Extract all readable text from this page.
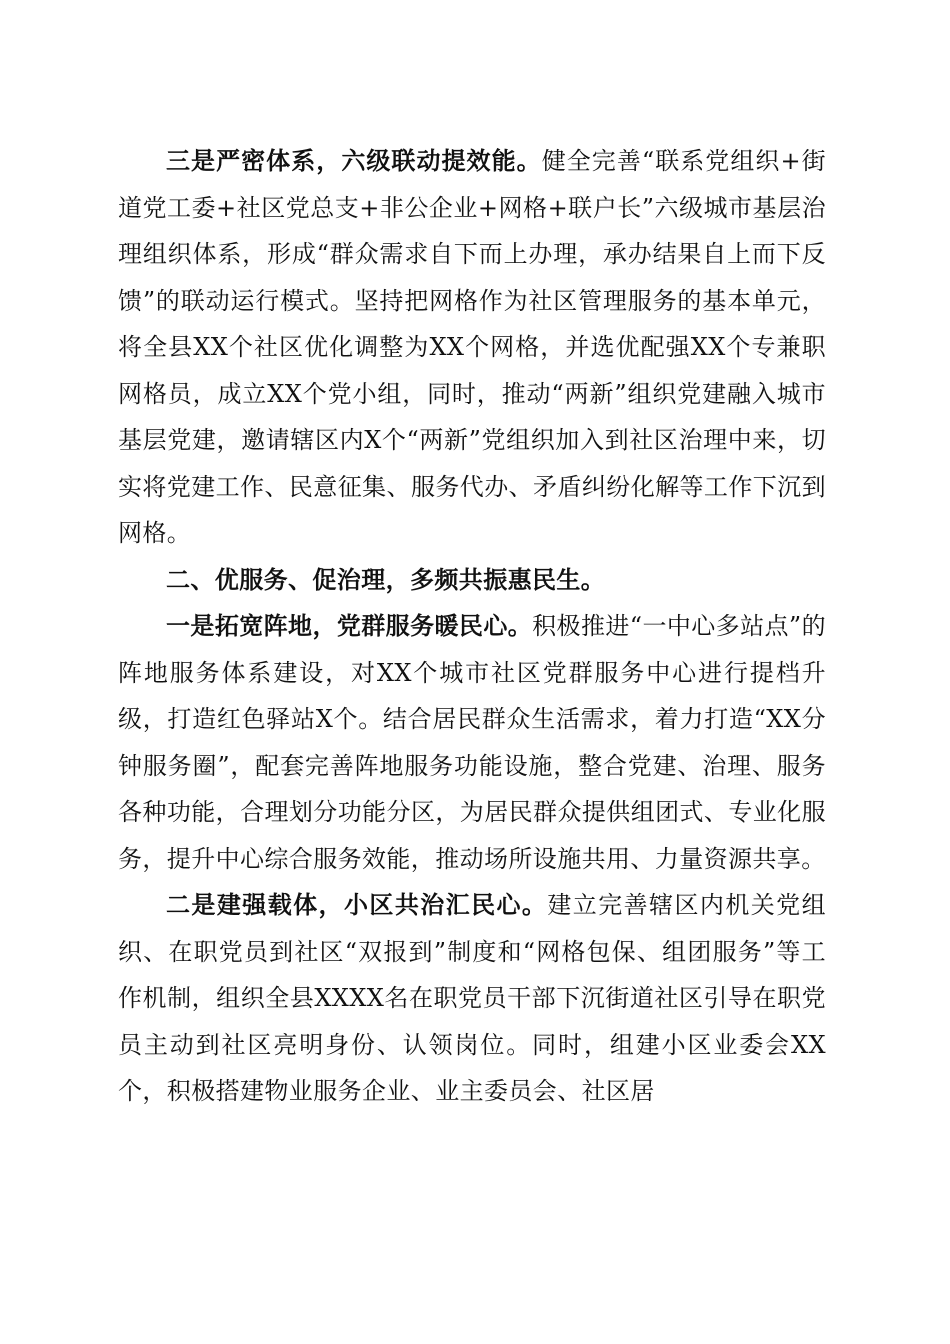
三是严密体系，六级联动提效能。健全完善“联系党组织+街道党工委+社区党总支+非公企业+网格+联户长”六级城市基层治理组织体系，形成“群众需求自下而上办理，承办结果自上而下反馈”的联动运行模式。坚持把网格作为社区管理服务的基本单元，将全县XX个社区优化调整为XX个网格，并选优配强XX个专兼职网格员，成立XX个党小组，同时，推动“两新”组织党建融入城市基层党建，邀请辖区内X个“两新”党组织加入到社区治理中来，切实将党建工作、民意征集、服务代办、矛盾纠纷化解等工作下沉到网格。

二、优服务、促治理，多频共振惠民生。

一是拓宽阵地，党群服务暖民心。积极推进“一中心多站点”的阵地服务体系建设，对XX个城市社区党群服务中心进行提档升级，打造红色驿站X个。结合居民群众生活需求，着力打造“XX分钟服务圈”，配套完善阵地服务功能设施，整合党建、治理、服务各种功能，合理划分功能分区，为居民群众提供组团式、专业化服务，提升中心综合服务效能，推动场所设施共用、力量资源共享。

二是建强载体，小区共治汇民心。建立完善辖区内机关党组织、在职党员到社区“双报到”制度和“网格包保、组团服务”等工作机制，组织全县XXXX名在职党员干部下沉街道社区引导在职党员主动到社区亮明身份、认领岗位。同时，组建小区业委会XX个，积极搭建物业服务企业、业主委员会、社区居
